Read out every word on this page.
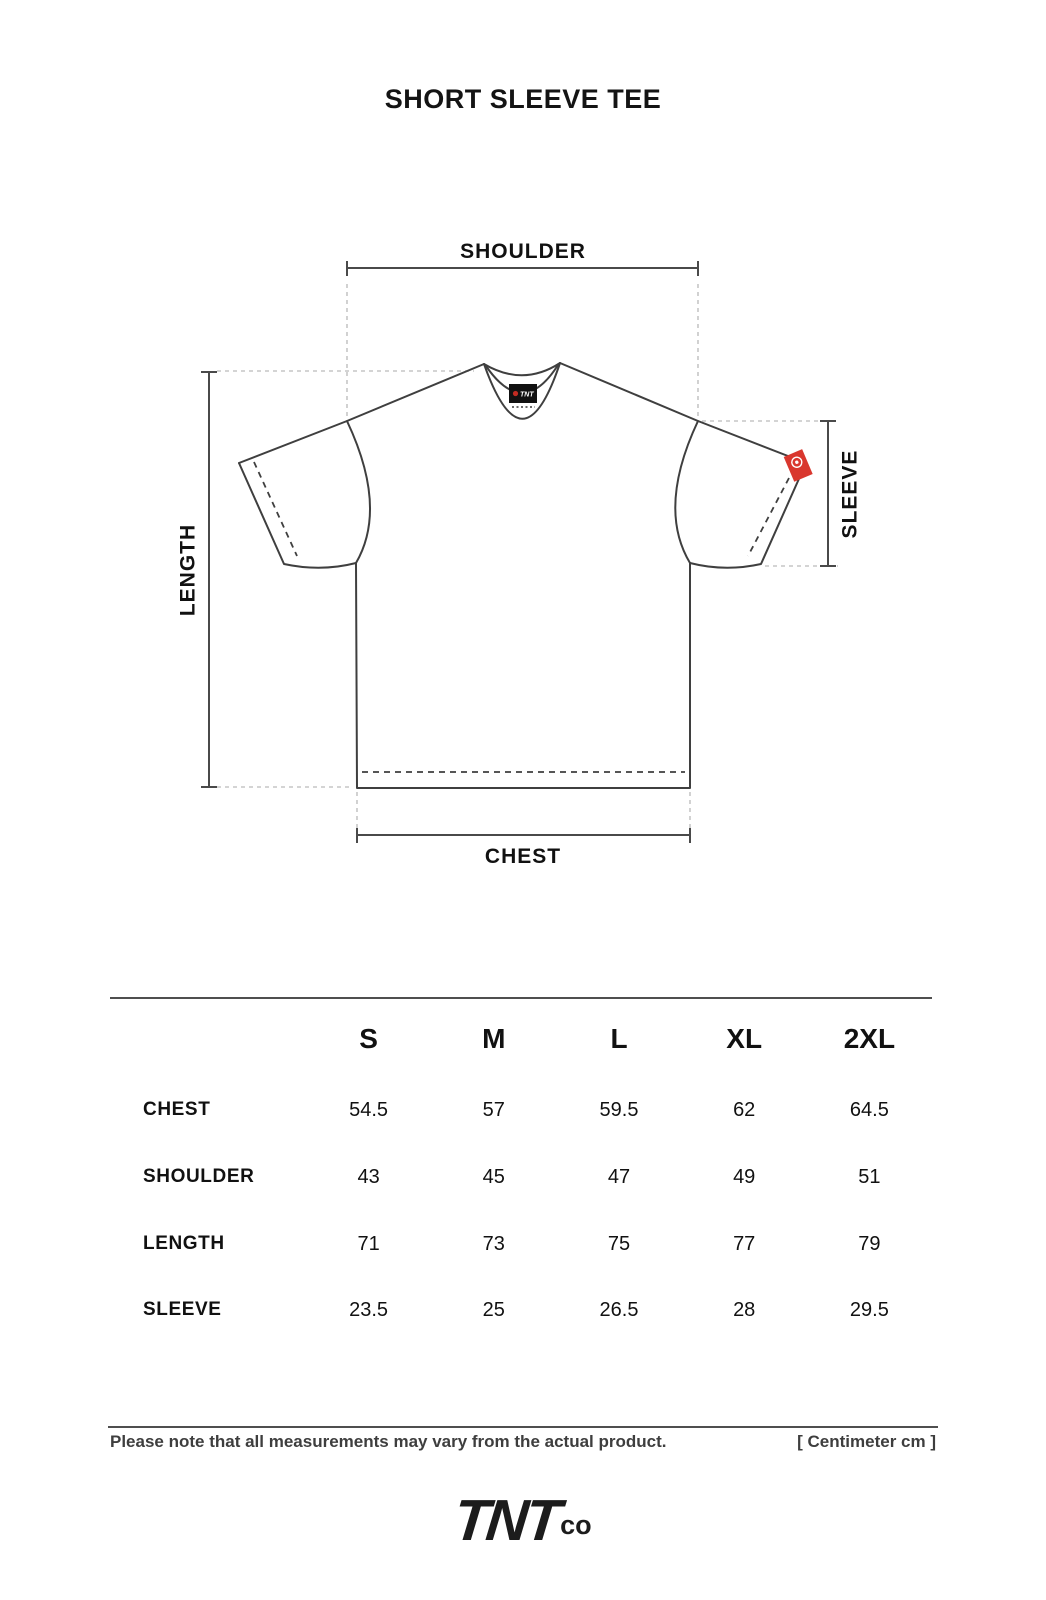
SHORT SLEEVE TEE
TNT
SHOULDER
LENGTH
SLEEVE
CHEST
S	M	L	XL	2XL
CHEST	54.5	57	59.5	62	64.5
SHOULDER	43	45	47	49	51
LENGTH	71	73	75	77	79
SLEEVE	23.5	25	26.5	28	29.5
Please note that all measurements may vary from the actual product.	[ Centimeter cm ]
TNT
co
